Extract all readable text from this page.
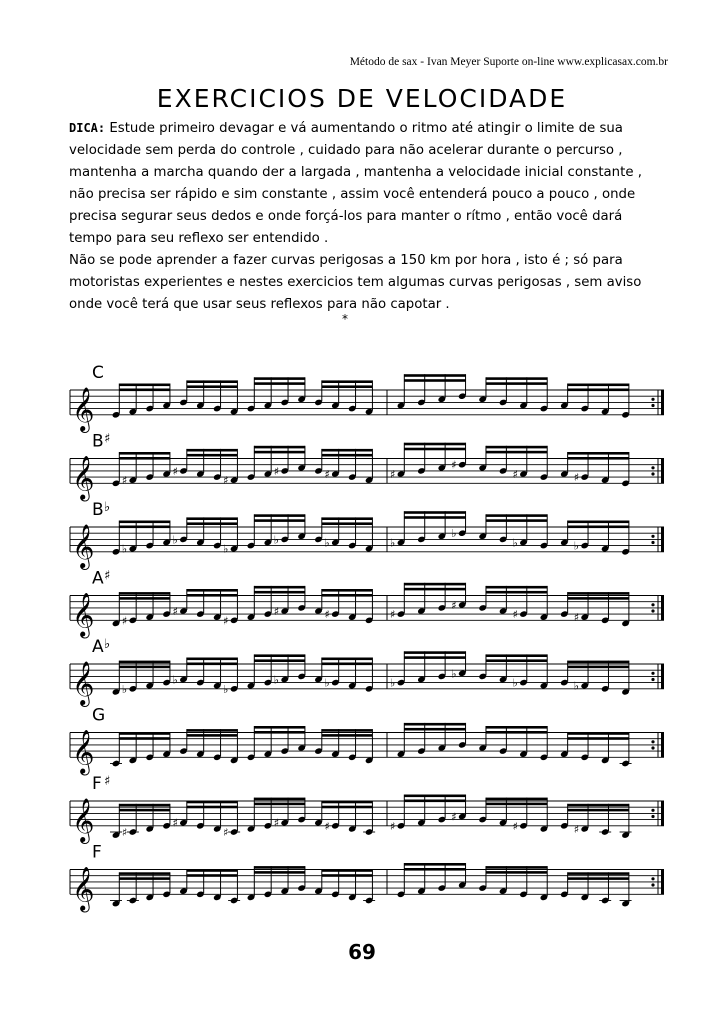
Método de sax - Ivan Meyer Suporte on-line www.explicasax.com.br
EXERCICIOS DE VELOCIDADE

DICA: Estude primeiro devagar e vá aumentando o ritmo até atingir o limite de sua velocidade sem perda do controle , cuidado para não acelerar durante o percurso , mantenha a marcha quando der a largada , mantenha a velocidade inicial constante , não precisa ser rápido e sim constante , assim você entenderá pouco a pouco , onde precisa segurar seus dedos e onde forçá-los para manter o rítmo , então você dará tempo para seu reflexo ser entendido .

Não se pode aprender a fazer curvas perigosas a 150 km por hora , isto é ; só para motoristas experientes e nestes exercicios tem algumas curvas perigosas , sem aviso onde você terá que usar seus reflexos para não capotar .

*
C
𝄞
B ♯
𝄞 ♯
♯
♯
♯	♯	♯
♯
♯	♯
B ♭
𝄞 ♭
♭
♭
♭	♭	♭
♭
♭	♭
A ♯
𝄞 ♯
♯
♯
♯	♯	♯
♯
♯	♯
A ♭
𝄞 ♭
♭
♭
♭	♭	♭
♭
♭	♭
G
𝄞
F ♯
𝄞 ♯
♯
♯
♯	♯	♯
♯
♯	♯
F
𝄞
69
